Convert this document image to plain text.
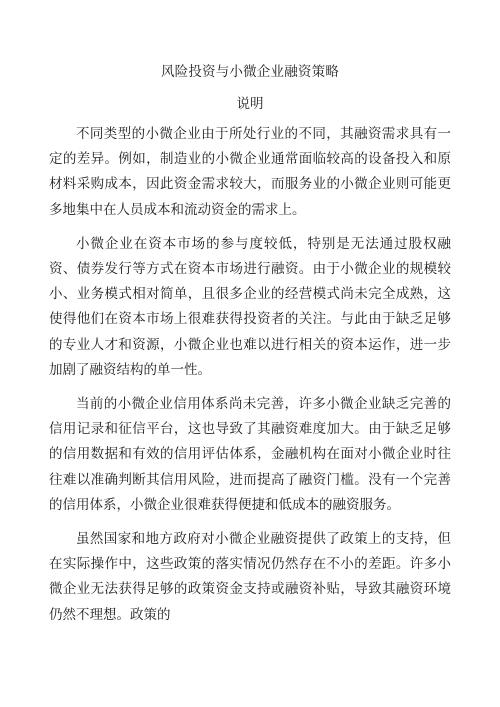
风险投资与小微企业融资策略
说明

不同类型的小微企业由于所处行业的不同，其融资需求具有一定的差异。例如，制造业的小微企业通常面临较高的设备投入和原材料采购成本，因此资金需求较大，而服务业的小微企业则可能更多地集中在人员成本和流动资金的需求上。

小微企业在资本市场的参与度较低，特别是无法通过股权融资、债券发行等方式在资本市场进行融资。由于小微企业的规模较小、业务模式相对简单，且很多企业的经营模式尚未完全成熟，这使得他们在资本市场上很难获得投资者的关注。与此由于缺乏足够的专业人才和资源，小微企业也难以进行相关的资本运作，进一步加剧了融资结构的单一性。

当前的小微企业信用体系尚未完善，许多小微企业缺乏完善的信用记录和征信平台，这也导致了其融资难度加大。由于缺乏足够的信用数据和有效的信用评估体系，金融机构在面对小微企业时往往难以准确判断其信用风险，进而提高了融资门槛。没有一个完善的信用体系，小微企业很难获得便捷和低成本的融资服务。

虽然国家和地方政府对小微企业融资提供了政策上的支持，但在实际操作中，这些政策的落实情况仍然存在不小的差距。许多小微企业无法获得足够的政策资金支持或融资补贴，导致其融资环境仍然不理想。政策的
